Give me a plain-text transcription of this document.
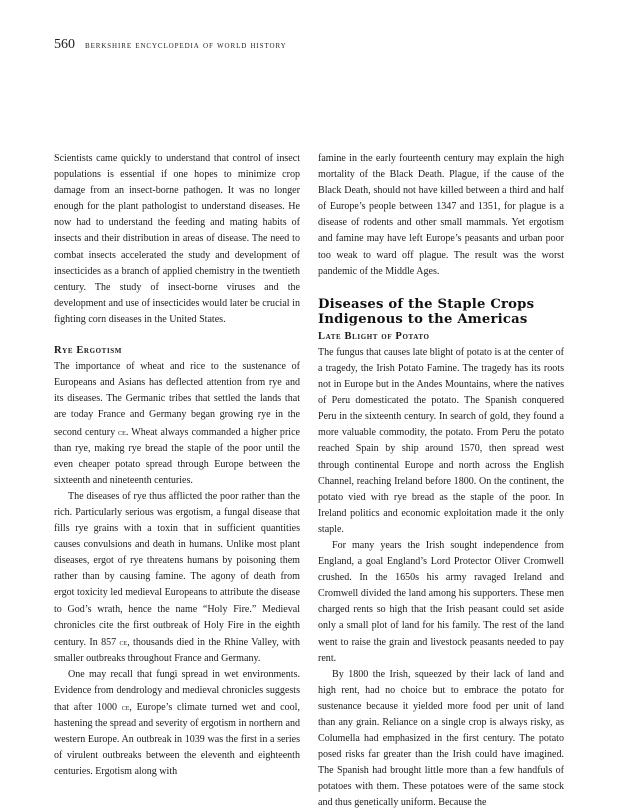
560 berkshire encyclopedia of world history

Scientists came quickly to understand that control of insect populations is essential if one hopes to minimize crop damage from an insect-borne pathogen. It was no longer enough for the plant pathologist to understand diseases. He now had to understand the feeding and mating habits of insects and their distribution in areas of disease. The need to combat insects accelerated the study and development of insecticides as a branch of applied chemistry in the twentieth century. The study of insect-borne viruses and the development and use of insecticides would later be crucial in fighting corn diseases in the United States.

Rye Ergotism

The importance of wheat and rice to the sustenance of Europeans and Asians has deflected attention from rye and its diseases. The Germanic tribes that settled the lands that are today France and Germany began growing rye in the second century ce. Wheat always commanded a higher price than rye, making rye bread the staple of the poor until the even cheaper potato spread through Europe between the sixteenth and nineteenth centuries.

The diseases of rye thus afflicted the poor rather than the rich. Particularly serious was ergotism, a fungal disease that fills rye grains with a toxin that in sufficient quantities causes convulsions and death in humans. Unlike most plant diseases, ergot of rye threatens humans by poisoning them rather than by causing famine. The agony of death from ergot toxicity led medieval Europeans to attribute the disease to God’s wrath, hence the name “Holy Fire.” Medieval chronicles cite the first outbreak of Holy Fire in the eighth century. In 857 ce, thousands died in the Rhine Valley, with smaller outbreaks throughout France and Germany.

One may recall that fungi spread in wet environments. Evidence from dendrology and medieval chronicles suggests that after 1000 ce, Europe’s climate turned wet and cool, hastening the spread and severity of ergotism in northern and western Europe. An outbreak in 1039 was the first in a series of virulent outbreaks between the eleventh and eighteenth centuries. Ergotism along with

famine in the early fourteenth century may explain the high mortality of the Black Death. Plague, if the cause of the Black Death, should not have killed between a third and half of Europe’s people between 1347 and 1351, for plague is a disease of rodents and other small mammals. Yet ergotism and famine may have left Europe’s peasants and urban poor too weak to ward off plague. The result was the worst pandemic of the Middle Ages.

Diseases of the Staple Crops Indigenous to the Americas
Late Blight of Potato

The fungus that causes late blight of potato is at the center of a tragedy, the Irish Potato Famine. The tragedy has its roots not in Europe but in the Andes Mountains, where the natives of Peru domesticated the potato. The Spanish conquered Peru in the sixteenth century. In search of gold, they found a more valuable commodity, the potato. From Peru the potato reached Spain by ship around 1570, then spread west through continental Europe and north across the English Channel, reaching Ireland before 1800. On the continent, the potato vied with rye bread as the staple of the poor. In Ireland politics and economic exploitation made it the only staple.

For many years the Irish sought independence from England, a goal England’s Lord Protector Oliver Cromwell crushed. In the 1650s his army ravaged Ireland and Cromwell divided the land among his supporters. These men charged rents so high that the Irish peasant could set aside only a small plot of land for his family. The rest of the land went to raise the grain and livestock peasants needed to pay rent.

By 1800 the Irish, squeezed by their lack of land and high rent, had no choice but to embrace the potato for sustenance because it yielded more food per unit of land than any grain. Reliance on a single crop is always risky, as Columella had emphasized in the first century. The potato posed risks far greater than the Irish could have imagined. The Spanish had brought little more than a few handfuls of potatoes with them. These potatoes were of the same stock and thus genetically uniform. Because the
